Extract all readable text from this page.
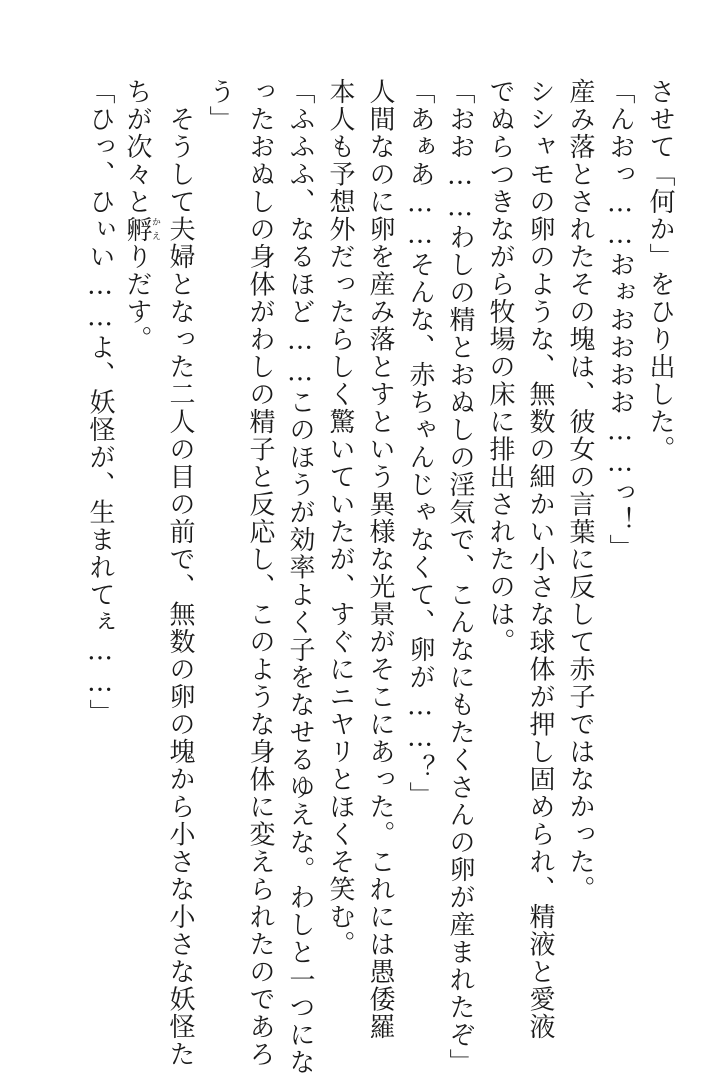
させて「何か」をひり出した。
「んおっ……おぉおおおお……っ！」
産み落とされたその塊は、彼女の言葉に反して赤子ではなかった。
シシャモの卵のような、無数の細かい小さな球体が押し固められ、精液と愛液
でぬらつきながら牧場の床に排出されたのは。
「おお……わしの精とおぬしの淫気で、こんなにもたくさんの卵が産まれたぞ」
「あぁあ……そんな、赤ちゃんじゃなくて、卵が……？」
人間なのに卵を産み落とすという異様な光景がそこにあった。これには愚倭羅
本人も予想外だったらしく驚いていたが、すぐにニヤリとほくそ笑む。
「ふふふ、なるほど……このほうが効率よく子をなせるゆえな。わしと一つにな
ったおぬしの身体がわしの精子と反応し、このような身体に変えられたのであろ
う」
　そうして夫婦となった二人の目の前で、無数の卵の塊から小さな小さな妖怪た
ちが次々と孵かえりだす。
「ひっ、ひぃい……よ、妖怪が、生まれてぇ……」
